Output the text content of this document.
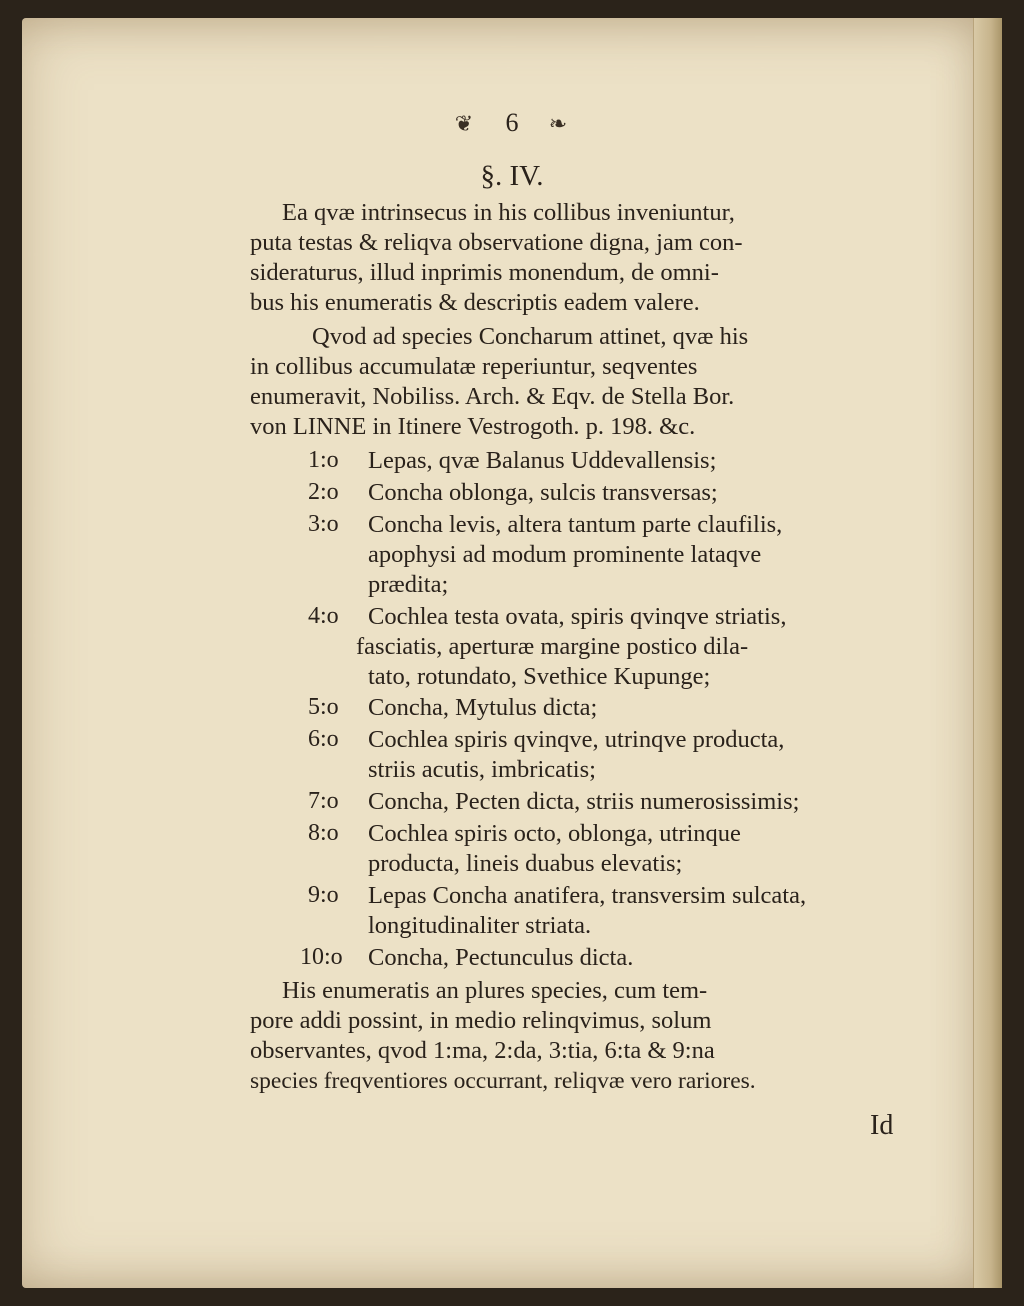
❦ 6 ❧
§. IV.
Ea qvæ intrinsecus in his collibus inveniuntur,
puta testas & reliqva observatione digna, jam con-
sideraturus, illud inprimis monendum, de omni-
bus his enumeratis & descriptis eadem valere.
Qvod ad species Concharum attinet, qvæ his
in collibus accumulatæ reperiuntur, seqventes
enumeravit, Nobiliss. Arch. & Eqv. de Stella Bor.
von LINNE in Itinere Vestrogoth. p. 198. &c.
1:o Lepas, qvæ Balanus Uddevallensis;
2:o Concha oblonga, sulcis transversas;
3:o Concha levis, altera tantum parte claufilis,
apophysi ad modum prominente lataqve
prædita;
4:o Cochlea testa ovata, spiris qvinqve striatis,
fasciatis, aperturæ margine postico dila-
tato, rotundato, Svethice Kupunge;
5:o Concha, Mytulus dicta;
6:o Cochlea spiris qvinqve, utrinqve producta,
striis acutis, imbricatis;
7:o Concha, Pecten dicta, striis numerosissimis;
8:o Cochlea spiris octo, oblonga, utrinque
producta, lineis duabus elevatis;
9:o Lepas Concha anatifera, transversim sulcata,
longitudinaliter striata.
10:o Concha, Pectunculus dicta.
His enumeratis an plures species, cum tem-
pore addi possint, in medio relinqvimus, solum
observantes, qvod 1:ma, 2:da, 3:tia, 6:ta & 9:na
species freqventiores occurrant, reliqvæ vero rariores.
Id
